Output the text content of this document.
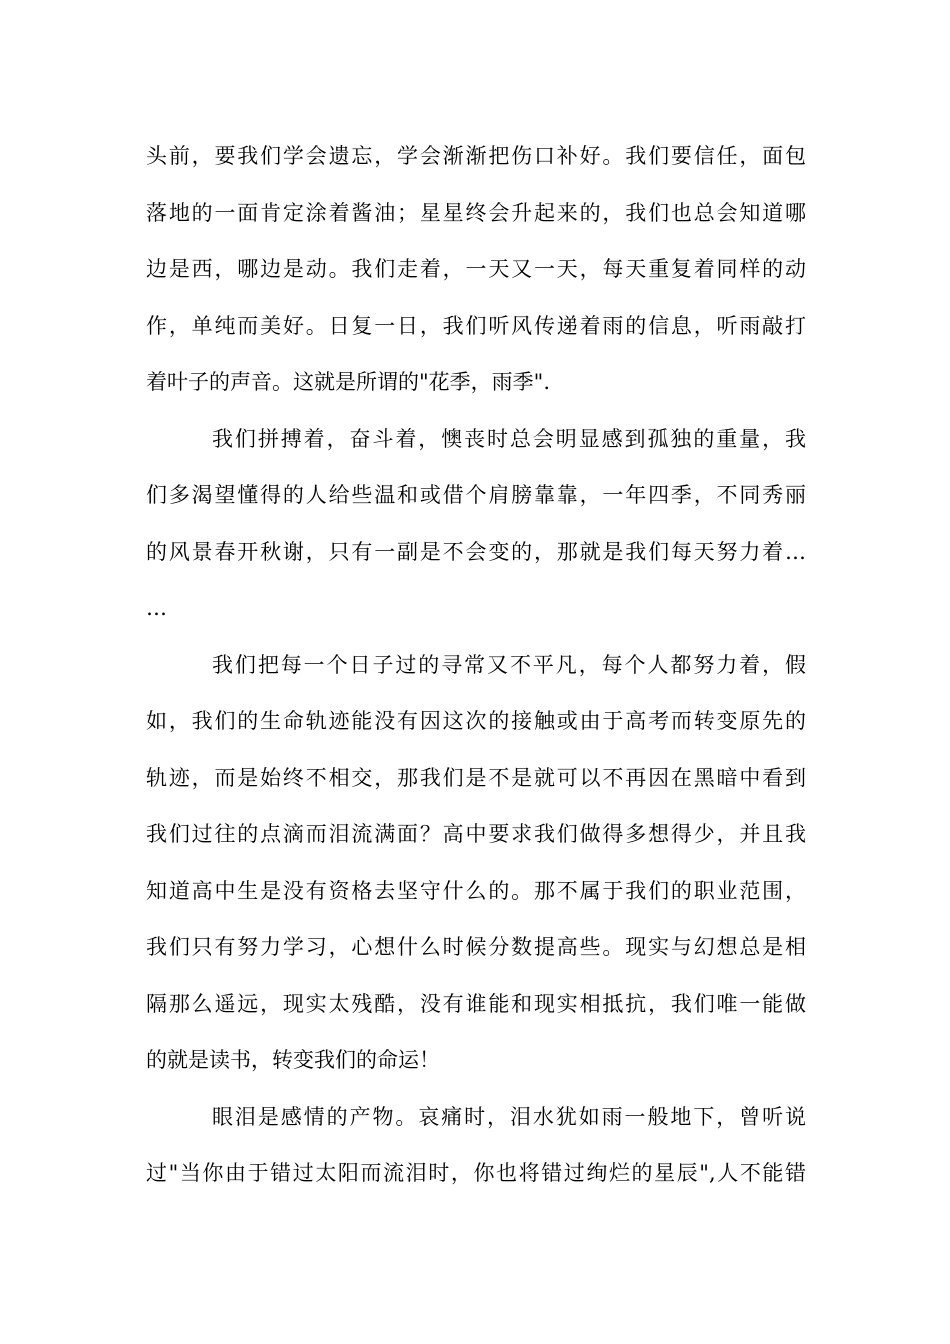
头前，要我们学会遗忘，学会渐渐把伤口补好。我们要信任，面包
落地的一面肯定涂着酱油；星星终会升起来的，我们也总会知道哪
边是西，哪边是动。我们走着，一天又一天，每天重复着同样的动
作，单纯而美好。日复一日，我们听风传递着雨的信息，听雨敲打
着叶子的声音。这就是所谓的"花季，雨季".
我们拼搏着，奋斗着，懊丧时总会明显感到孤独的重量，我
们多渴望懂得的人给些温和或借个肩膀靠靠，一年四季，不同秀丽
的风景春开秋谢，只有一副是不会变的，那就是我们每天努力着…
…
我们把每一个日子过的寻常又不平凡，每个人都努力着，假
如，我们的生命轨迹能没有因这次的接触或由于高考而转变原先的
轨迹，而是始终不相交，那我们是不是就可以不再因在黑暗中看到
我们过往的点滴而泪流满面？高中要求我们做得多想得少，并且我
知道高中生是没有资格去坚守什么的。那不属于我们的职业范围，
我们只有努力学习，心想什么时候分数提高些。现实与幻想总是相
隔那么遥远，现实太残酷，没有谁能和现实相抵抗，我们唯一能做
的就是读书，转变我们的命运！
眼泪是感情的产物。哀痛时，泪水犹如雨一般地下，曾听说
过"当你由于错过太阳而流泪时，你也将错过绚烂的星辰",人不能错
